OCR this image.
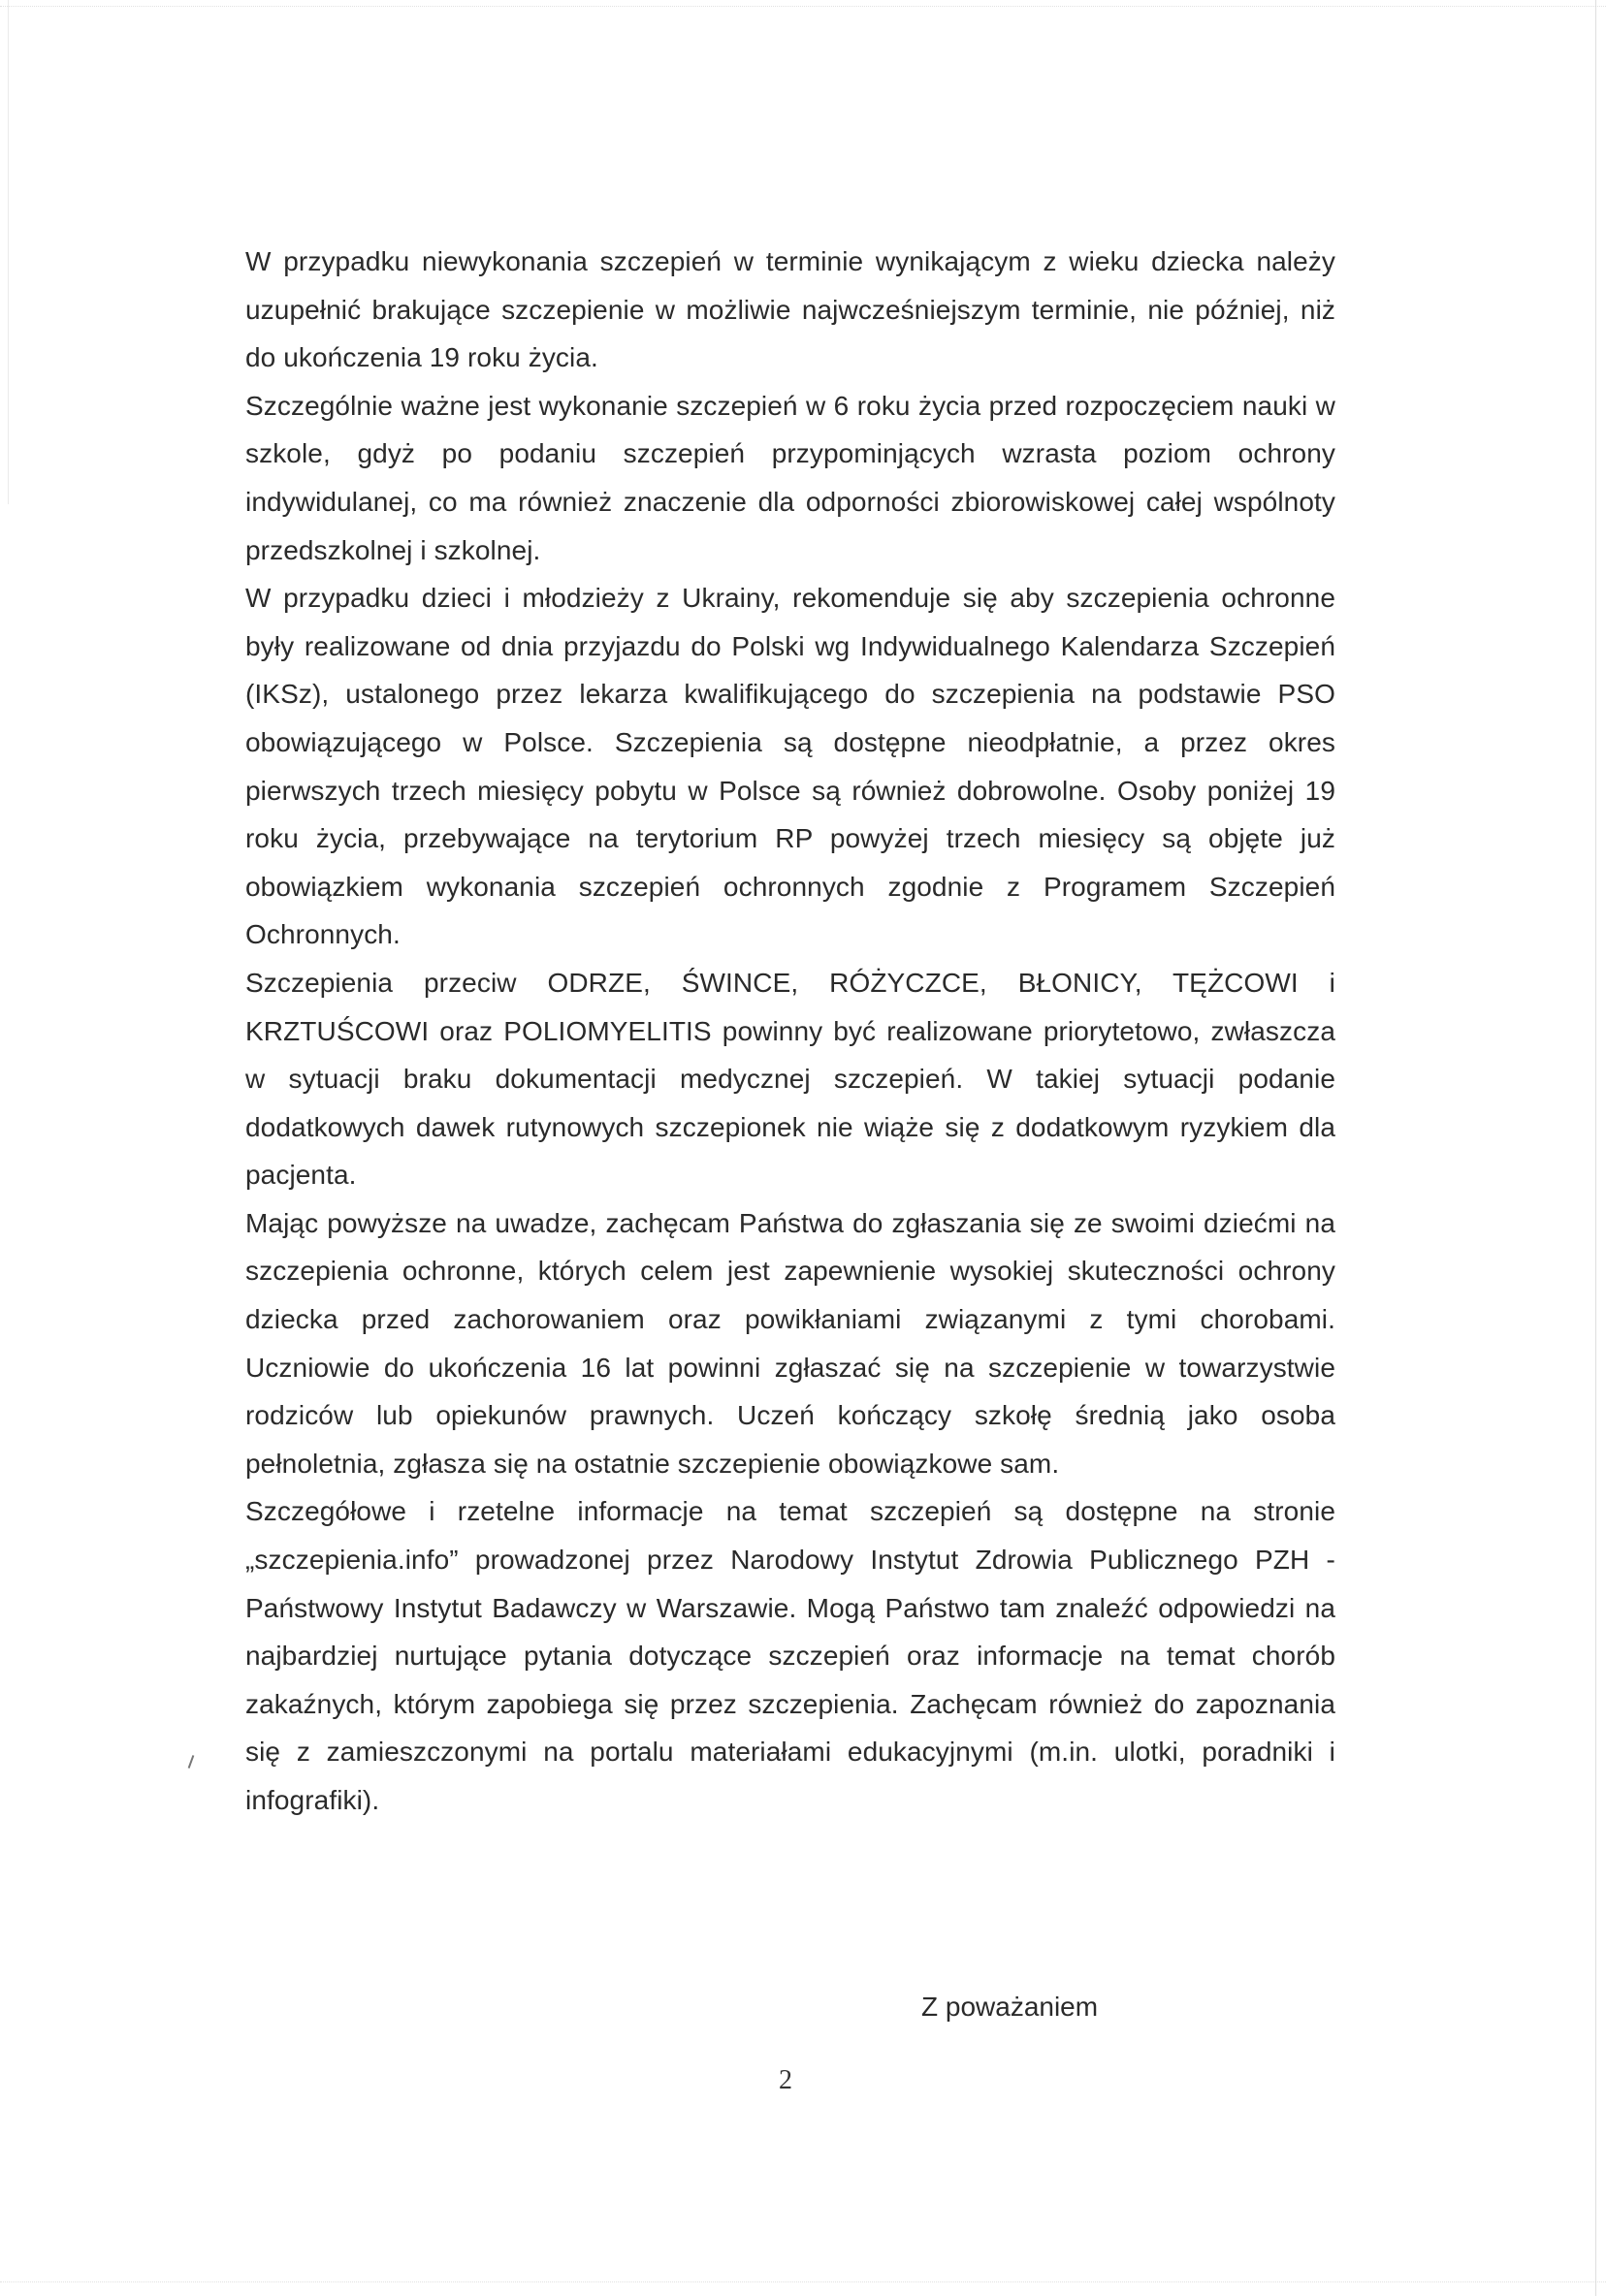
W przypadku niewykonania szczepień w terminie wynikającym z wieku dziecka należy uzupełnić brakujące szczepienie w możliwie najwcześniejszym terminie, nie później, niż do ukończenia 19 roku życia.

Szczególnie ważne jest wykonanie szczepień w 6 roku życia przed rozpoczęciem nauki w szkole, gdyż po podaniu szczepień przypominjących wzrasta poziom ochrony indywidulanej, co ma również znaczenie dla odporności zbiorowiskowej całej wspólnoty przedszkolnej i szkolnej.

W przypadku dzieci i młodzieży z Ukrainy, rekomenduje się aby szczepienia ochronne były realizowane od dnia przyjazdu do Polski wg Indywidualnego Kalendarza Szczepień (IKSz), ustalonego przez lekarza kwalifikującego do szczepienia na podstawie PSO obowiązującego w Polsce. Szczepienia są dostępne nieodpłatnie, a przez okres pierwszych trzech miesięcy pobytu w Polsce są również dobrowolne. Osoby poniżej 19 roku życia, przebywające na terytorium RP powyżej trzech miesięcy są objęte już obowiązkiem wykonania szczepień ochronnych zgodnie z Programem Szczepień Ochronnych.

Szczepienia przeciw ODRZE, ŚWINCE, RÓŻYCZCE, BŁONICY, TĘŻCOWI i KRZTUŚCOWI oraz POLIOMYELITIS powinny być realizowane priorytetowo, zwłaszcza w sytuacji braku dokumentacji medycznej szczepień. W takiej sytuacji podanie dodatkowych dawek rutynowych szczepionek nie wiąże się z dodatkowym ryzykiem dla pacjenta.

Mając powyższe na uwadze, zachęcam Państwa do zgłaszania się ze swoimi dziećmi na szczepienia ochronne, których celem jest zapewnienie wysokiej skuteczności ochrony dziecka przed zachorowaniem oraz powikłaniami związanymi z tymi chorobami. Uczniowie do ukończenia 16 lat powinni zgłaszać się na szczepienie w towarzystwie rodziców lub opiekunów prawnych. Uczeń kończący szkołę średnią jako osoba pełnoletnia, zgłasza się na ostatnie szczepienie obowiązkowe sam.

Szczegółowe i rzetelne informacje na temat szczepień są dostępne na stronie „szczepienia.info” prowadzonej przez Narodowy Instytut Zdrowia Publicznego PZH - Państwowy Instytut Badawczy w Warszawie. Mogą Państwo tam znaleźć odpowiedzi na najbardziej nurtujące pytania dotyczące szczepień oraz informacje na temat chorób zakaźnych, którym zapobiega się przez szczepienia. Zachęcam również do zapoznania się z zamieszczonymi na portalu materiałami edukacyjnymi (m.in. ulotki, poradniki i infografiki).

Z poważaniem
2
